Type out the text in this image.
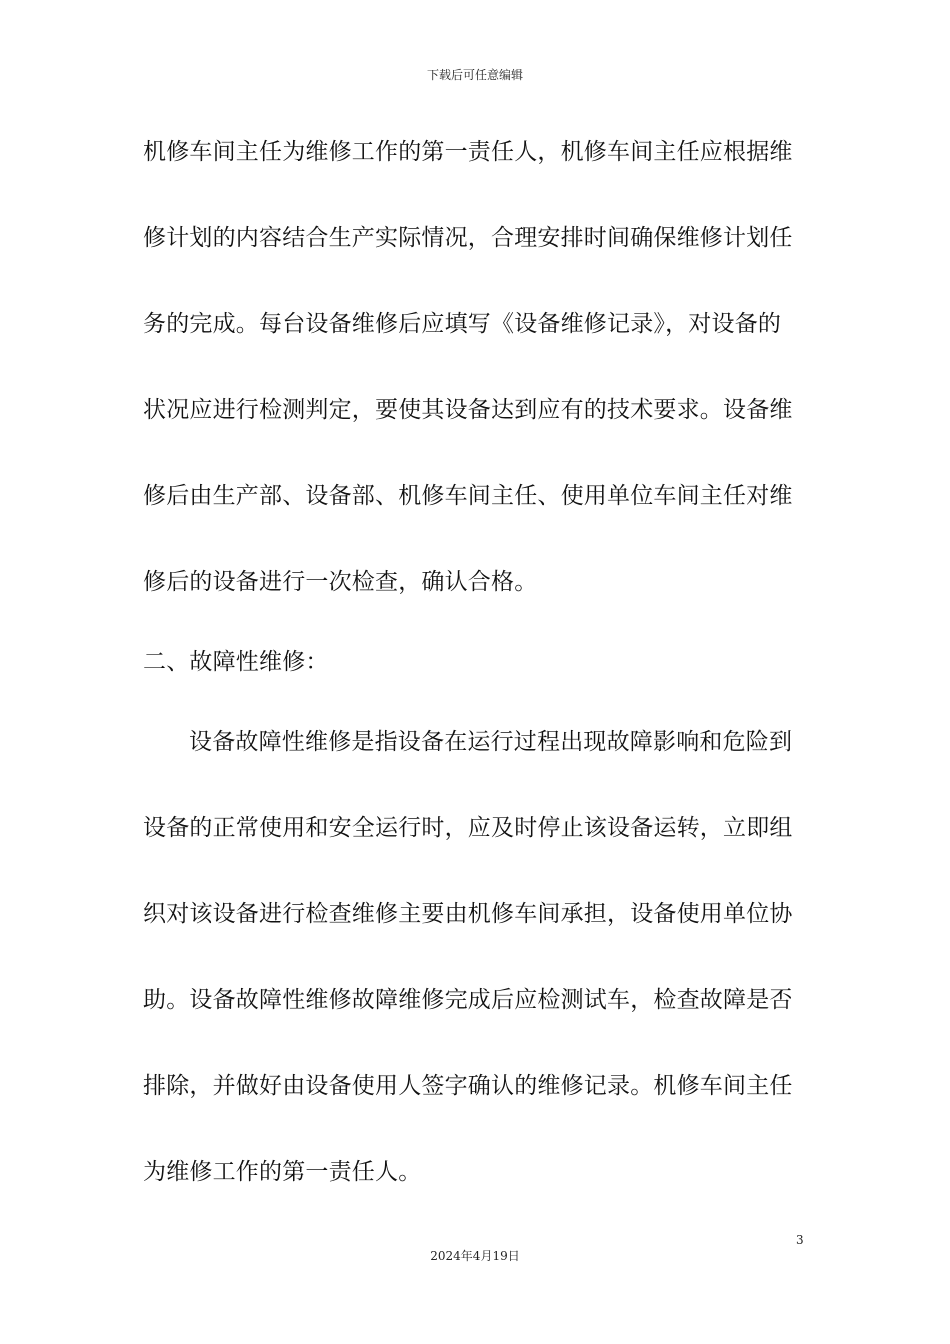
下载后可任意编辑
机修车间主任为维修工作的第一责任人，机修车间主任应根据维
修计划的内容结合生产实际情况，合理安排时间确保维修计划任
务的完成。每台设备维修后应填写《设备维修记录》，对设备的
状况应进行检测判定，要使其设备达到应有的技术要求。设备维
修后由生产部、设备部、机修车间主任、使用单位车间主任对维
修后的设备进行一次检查，确认合格。
二、故障性维修：
设备故障性维修是指设备在运行过程出现故障影响和危险到
设备的正常使用和安全运行时，应及时停止该设备运转，立即组
织对该设备进行检查维修主要由机修车间承担，设备使用单位协
助。设备故障性维修故障维修完成后应检测试车，检查故障是否
排除，并做好由设备使用人签字确认的维修记录。机修车间主任
为维修工作的第一责任人。
3
2024年4月19日
